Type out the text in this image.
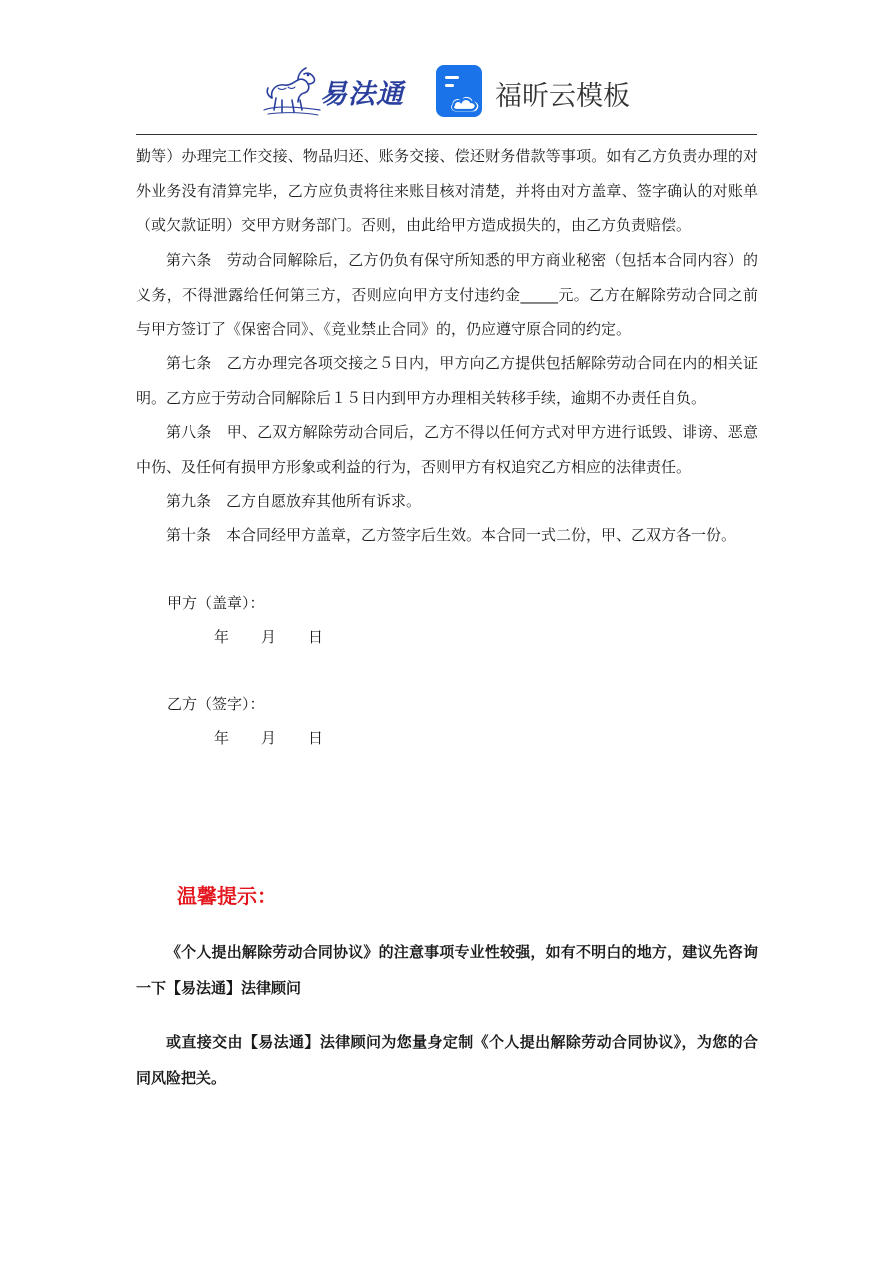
易法通	福昕云模板

勤等）办理完工作交接、物品归还、账务交接、偿还财务借款等事项。如有乙方负责办理的对外业务没有清算完毕，乙方应负责将往来账目核对清楚，并将由对方盖章、签字确认的对账单（或欠款证明）交甲方财务部门。否则，由此给甲方造成损失的，由乙方负责赔偿。

第六条　劳动合同解除后，乙方仍负有保守所知悉的甲方商业秘密（包括本合同内容）的义务，不得泄露给任何第三方，否则应向甲方支付违约金_____元。乙方在解除劳动合同之前与甲方签订了《保密合同》、《竞业禁止合同》的，仍应遵守原合同的约定。

第七条　乙方办理完各项交接之５日内，甲方向乙方提供包括解除劳动合同在内的相关证明。乙方应于劳动合同解除后１５日内到甲方办理相关转移手续，逾期不办责任自负。

第八条　甲、乙双方解除劳动合同后，乙方不得以任何方式对甲方进行诋毁、诽谤、恶意中伤、及任何有损甲方形象或利益的行为，否则甲方有权追究乙方相应的法律责任。

第九条　乙方自愿放弃其他所有诉求。

第十条　本合同经甲方盖章，乙方签字后生效。本合同一式二份，甲、乙双方各一份。

甲方（盖章）：
年 月 日
乙方（签字）：
年 月 日
温馨提示：

《个人提出解除劳动合同协议》的注意事项专业性较强，如有不明白的地方，建议先咨询一下【易法通】法律顾问

或直接交由【易法通】法律顾问为您量身定制《个人提出解除劳动合同协议》，为您的合同风险把关。
